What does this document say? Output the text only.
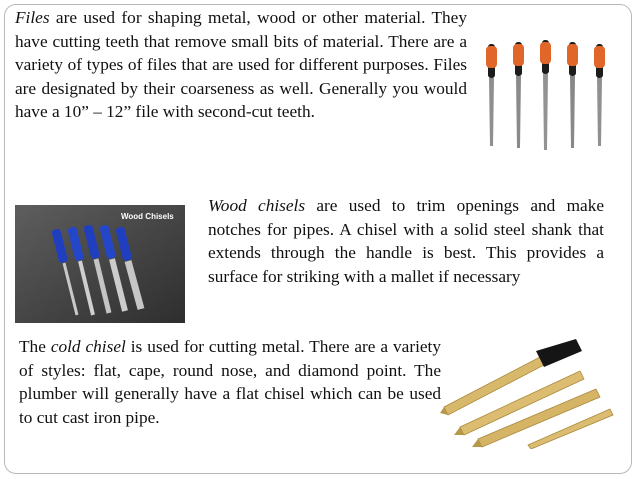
Files are used for shaping metal, wood or other material. They have cutting teeth that remove small bits of material. There are a variety of types of files that are used for different purposes. Files are designated by their coarseness as well. Generally you would have a 10” – 12” file with second-cut teeth.

Wood Chisels

Wood chisels are used to trim openings and make notches for pipes. A chisel with a solid steel shank that extends through the handle is best. This provides a surface for striking with a mallet if necessary

The cold chisel is used for cutting metal. There are a variety of styles: flat, cape, round nose, and diamond point. The plumber will generally have a flat chisel which can be used to cut cast iron pipe.
